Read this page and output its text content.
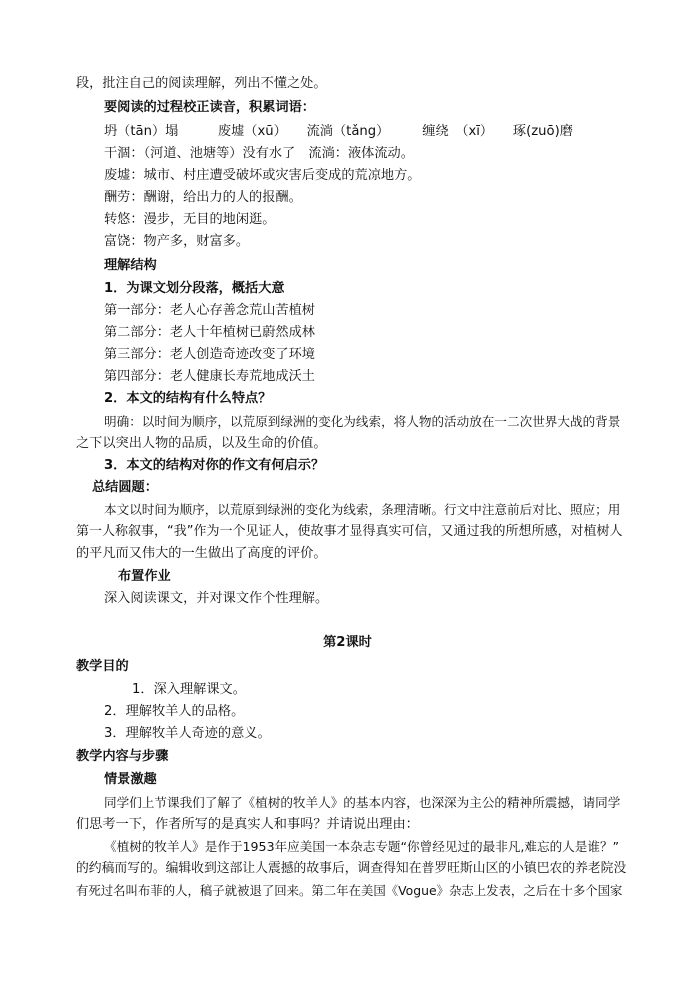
段，批注自己的阅读理解，列出不懂之处。
要阅读的过程校正读音，积累词语：
坍（tān）塌　　　废墟（xū）　　流淌（tǎng）　　　缠绕　（xī）　　琢(zuō)磨
干涸：（河道、池塘等）没有水了　流淌：液体流动。
废墟：城市、村庄遭受破坏或灾害后变成的荒凉地方。
酬劳：酬谢，给出力的人的报酬。
转悠：漫步，无目的地闲逛。
富饶：物产多，财富多。
理解结构
1．为课文划分段落，概括大意
第一部分：老人心存善念荒山苦植树
第二部分：老人十年植树已蔚然成林
第三部分：老人创造奇迹改变了环境
第四部分：老人健康长寿荒地成沃土
2．本文的结构有什么特点？
明确：以时间为顺序，以荒原到绿洲的变化为线索，将人物的活动放在一二次世界大战的背景
之下以突出人物的品质，以及生命的价值。
3．本文的结构对你的作文有何启示？
总结圆题：
本文以时间为顺序，以荒原到绿洲的变化为线索，条理清晰。行文中注意前后对比、照应；用
第一人称叙事，“我”作为一个见证人，使故事才显得真实可信，又通过我的所想所感，对植树人
的平凡而又伟大的一生做出了高度的评价。
布置作业
深入阅读课文，并对课文作个性理解。
第2课时
教学目的
1．深入理解课文。
2．理解牧羊人的品格。
3．理解牧羊人奇迹的意义。
教学内容与步骤
情景激趣
同学们上节课我们了解了《植树的牧羊人》的基本内容，也深深为主公的精神所震撼，请同学
们思考一下，作者所写的是真实人和事吗？并请说出理由：
《植树的牧羊人》是作于1953年应美国一本杂志专题“你曾经见过的最非凡,难忘的人是谁？”
的约稿而写的。编辑收到这部让人震撼的故事后，调查得知在普罗旺斯山区的小镇巴农的养老院没
有死过名叫布菲的人，稿子就被退了回来。第二年在美国《Vogue》杂志上发表，之后在十多个国家
